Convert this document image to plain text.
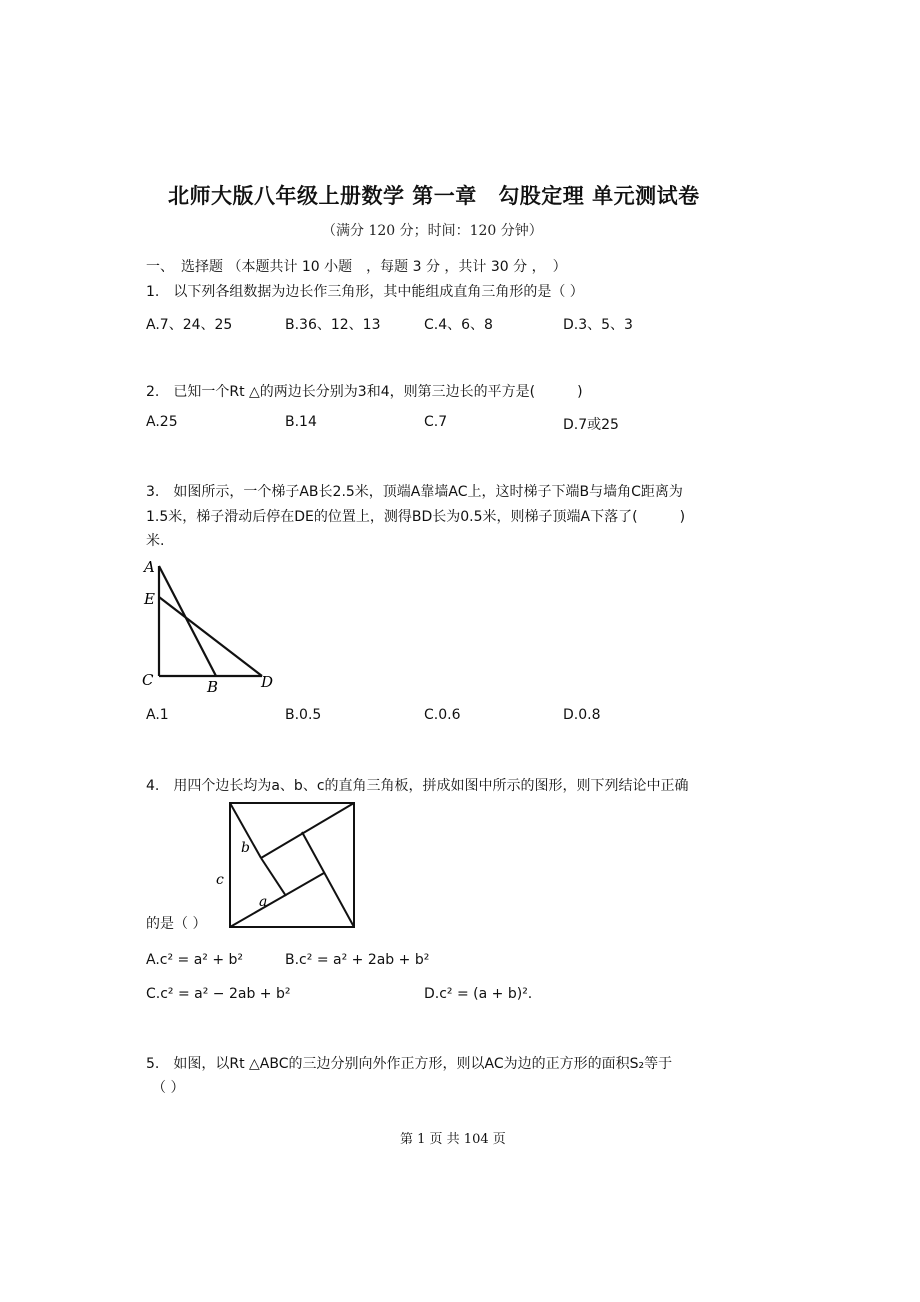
北师大版八年级上册数学 第一章　勾股定理 单元测试卷
（满分 120 分；时间：120 分钟）
一、　选择题 （本题共计 10 小题　，每题 3 分 ，共计 30 分 ，　）
1.　以下列各组数据为边长作三角形，其中能组成直角三角形的是（ ）
A.7、24、25	B.36、12、13	C.4、6、8	D.3、5、3
2.　已知一个Rt △的两边长分别为3和4，则第三边长的平方是(　　　)
A.25	B.14	C.7	D.7或25
3.　如图所示，一个梯子AB长2.5米，顶端A靠墙AC上，这时梯子下端B与墙角C距离为
1.5米，梯子滑动后停在DE的位置上，测得BD长为0.5米，则梯子顶端A下落了(　　　)
米.
A
E
C	B	D
A.1	B.0.5	C.0.6	D.0.8
4.　用四个边长均为a、b、c的直角三角板，拼成如图中所示的图形，则下列结论中正确
b
c
a
的是（ ）
A.c² = a² + b²	B.c² = a² + 2ab + b²
C.c² = a² − 2ab + b²	D.c² = (a + b)².
5.　如图，以Rt △ABC的三边分别向外作正方形，则以AC为边的正方形的面积S₂等于
（ ）
第 1 页 共 104 页
